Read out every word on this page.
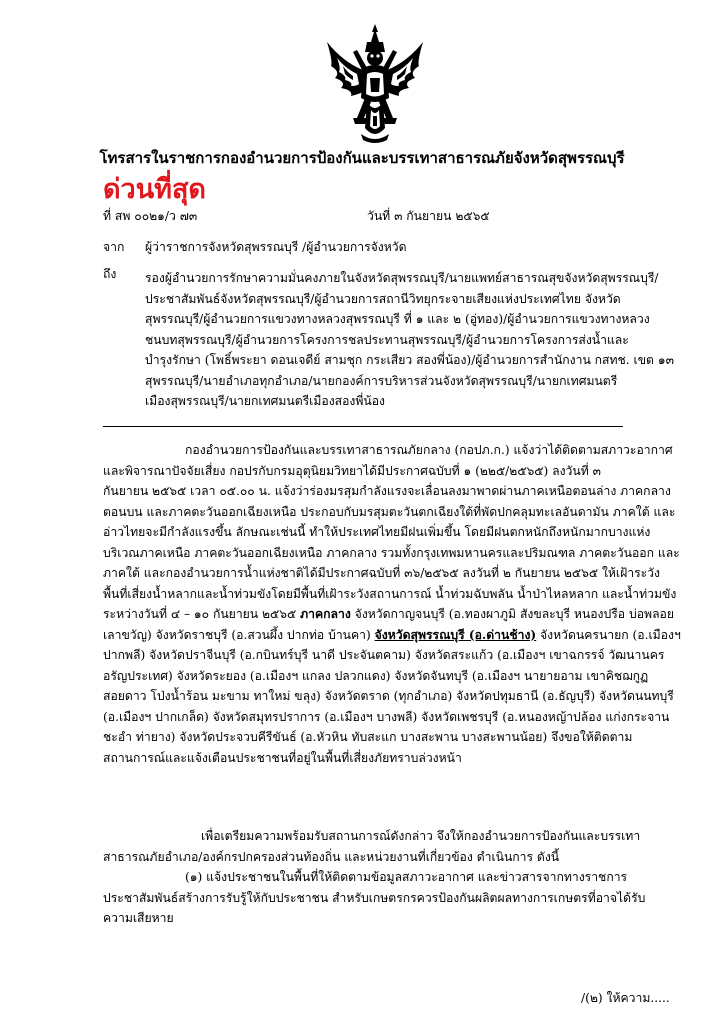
โทรสารในราชการกองอำนวยการป้องกันและบรรเทาสาธารณภัยจังหวัดสุพรรณบุรี
ด่วนที่สุด
ที่ สพ ๐๐๒๑/ว ๗๓	วันที่ ๓ กันยายน ๒๕๖๕
จาก ผู้ว่าราชการจังหวัดสุพรรณบุรี /ผู้อำนวยการจังหวัด
ถึง รองผู้อำนวยการรักษาความมั่นคงภายในจังหวัดสุพรรณบุรี/นายแพทย์สาธารณสุขจังหวัดสุพรรณบุรี/
ประชาสัมพันธ์จังหวัดสุพรรณบุรี/ผู้อำนวยการสถานีวิทยุกระจายเสียงแห่งประเทศไทย จังหวัด
สุพรรณบุรี/ผู้อำนวยการแขวงทางหลวงสุพรรณบุรี ที่ ๑ และ ๒ (อู่ทอง)/ผู้อำนวยการแขวงทางหลวง
ชนบทสุพรรณบุรี/ผู้อำนวยการโครงการชลประทานสุพรรณบุรี/ผู้อำนวยการโครงการส่งน้ำและ
บำรุงรักษา (โพธิ์พระยา ดอนเจดีย์ สามชุก กระเสียว สองพี่น้อง)/ผู้อำนวยการสำนักงาน กสทช. เขต ๑๓
สุพรรณบุรี/นายอำเภอทุกอำเภอ/นายกองค์การบริหารส่วนจังหวัดสุพรรณบุรี/นายกเทศมนตรี
เมืองสุพรรณบุรี/นายกเทศมนตรีเมืองสองพี่น้อง
กองอำนวยการป้องกันและบรรเทาสาธารณภัยกลาง (กอปภ.ก.) แจ้งว่าได้ติดตามสภาวะอากาศ
และพิจารณาปัจจัยเสี่ยง กอปรกับกรมอุตุนิยมวิทยาได้มีประกาศฉบับที่ ๑ (๒๒๕/๒๕๖๕) ลงวันที่ ๓
กันยายน ๒๕๖๕ เวลา ๐๕.๐๐ น. แจ้งว่าร่องมรสุมกำลังแรงจะเลื่อนลงมาพาดผ่านภาคเหนือตอนล่าง ภาคกลาง
ตอนบน และภาคตะวันออกเฉียงเหนือ ประกอบกับมรสุมตะวันตกเฉียงใต้ที่พัดปกคลุมทะเลอันดามัน ภาคใต้ และ
อ่าวไทยจะมีกำลังแรงขึ้น ลักษณะเช่นนี้ ทำให้ประเทศไทยมีฝนเพิ่มขึ้น โดยมีฝนตกหนักถึงหนักมากบางแห่ง
บริเวณภาคเหนือ ภาคตะวันออกเฉียงเหนือ ภาคกลาง รวมทั้งกรุงเทพมหานครและปริมณฑล ภาคตะวันออก และ
ภาคใต้ และกองอำนวยการน้ำแห่งชาติได้มีประกาศฉบับที่ ๓๖/๒๕๖๕ ลงวันที่ ๒ กันยายน ๒๕๖๕ ให้เฝ้าระวัง
พื้นที่เสี่ยงน้ำหลากและน้ำท่วมขังโดยมีพื้นที่เฝ้าระวังสถานการณ์ น้ำท่วมฉับพลัน น้ำป่าไหลหลาก และน้ำท่วมขัง
ระหว่างวันที่ ๔ – ๑๐ กันยายน ๒๕๖๕ ภาคกลาง จังหวัดกาญจนบุรี (อ.ทองผาภูมิ สังขละบุรี หนองปรือ บ่อพลอย
เลาขวัญ) จังหวัดราชบุรี (อ.สวนผึ้ง ปากท่อ บ้านคา) จังหวัดสุพรรณบุรี (อ.ด่านช้าง) จังหวัดนครนายก (อ.เมืองฯ
ปากพลี) จังหวัดปราจีนบุรี (อ.กบินทร์บุรี นาดี ประจันตคาม) จังหวัดสระแก้ว (อ.เมืองฯ เขาฉกรรจ์ วัฒนานคร
อรัญประเทศ) จังหวัดระยอง (อ.เมืองฯ แกลง ปลวกแดง) จังหวัดจันทบุรี (อ.เมืองฯ นายายอาม เขาคิชฌกูฏ
สอยดาว โป่งน้ำร้อน มะขาม ทาใหม่ ขลุง) จังหวัดตราด (ทุกอำเภอ) จังหวัดปทุมธานี (อ.ธัญบุรี) จังหวัดนนทบุรี
(อ.เมืองฯ ปากเกล็ด) จังหวัดสมุทรปราการ (อ.เมืองฯ บางพลี) จังหวัดเพชรบุรี (อ.หนองหญ้าปล้อง แก่งกระจาน
ชะอำ ท่ายาง) จังหวัดประจวบคีรีขันธ์ (อ.หัวหิน ทับสะแก บางสะพาน บางสะพานน้อย) จึงขอให้ติดตาม
สถานการณ์และแจ้งเตือนประชาชนที่อยู่ในพื้นที่เสี่ยงภัยทราบล่วงหน้า
เพื่อเตรียมความพร้อมรับสถานการณ์ดังกล่าว จึงให้กองอำนวยการป้องกันและบรรเทา
สาธารณภัยอำเภอ/องค์กรปกครองส่วนท้องถิ่น และหน่วยงานที่เกี่ยวข้อง ดำเนินการ ดังนี้
(๑) แจ้งประชาชนในพื้นที่ให้ติดตามข้อมูลสภาวะอากาศ และข่าวสารจากทางราชการ
ประชาสัมพันธ์สร้างการรับรู้ให้กับประชาชน สำหรับเกษตรกรควรป้องกันผลิตผลทางการเกษตรที่อาจได้รับ
ความเสียหาย
/(๒) ให้ความ.....
